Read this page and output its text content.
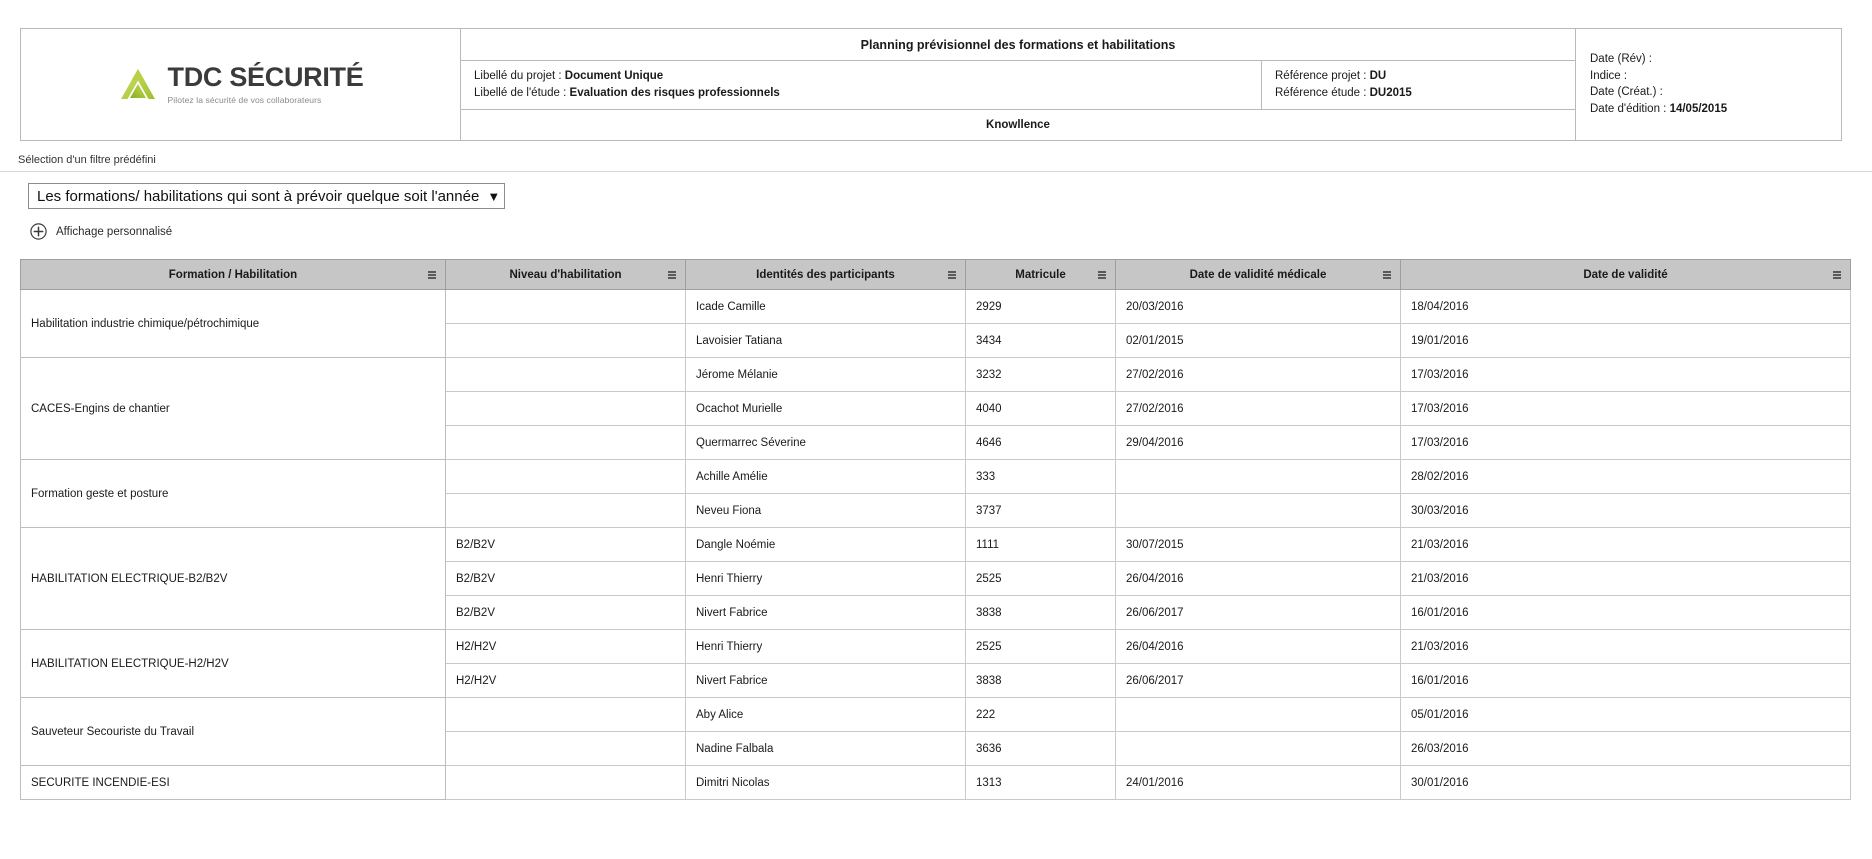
TDC SÉCURITÉ
Pilotez la sécurité de vos collaborateurs
Planning prévisionnel des formations et habilitations
Libellé du projet : Document Unique
Libellé de l'étude : Evaluation des risques professionnels
Référence projet : DU
Référence étude : DU2015
Knowllence
Date (Rév) :
Indice :
Date (Créat.) :
Date d'édition : 14/05/2015
Sélection d'un filtre prédéfini
Les formations/ habilitations qui sont à prévoir quelque soit l'année ▼
Affichage personnalisé
Formation / Habilitation	Niveau d'habilitation	Identités des participants	Matricule	Date de validité médicale	Date de validité

Habilitation industrie chimique/pétrochimique		Icade Camille	2929	20/03/2016	18/04/2016
		Lavoisier Tatiana	3434	02/01/2015	19/01/2016
CACES-Engins de chantier		Jérome Mélanie	3232	27/02/2016	17/03/2016
		Ocachot Murielle	4040	27/02/2016	17/03/2016
		Quermarrec Séverine	4646	29/04/2016	17/03/2016
Formation geste et posture		Achille Amélie	333		28/02/2016
		Neveu Fiona	3737		30/03/2016
HABILITATION ELECTRIQUE-B2/B2V	B2/B2V	Dangle Noémie	1111	30/07/2015	21/03/2016
	B2/B2V	Henri Thierry	2525	26/04/2016	21/03/2016
	B2/B2V	Nivert Fabrice	3838	26/06/2017	16/01/2016
HABILITATION ELECTRIQUE-H2/H2V	H2/H2V	Henri Thierry	2525	26/04/2016	21/03/2016
	H2/H2V	Nivert Fabrice	3838	26/06/2017	16/01/2016
Sauveteur Secouriste du Travail		Aby Alice	222		05/01/2016
		Nadine Falbala	3636		26/03/2016
SECURITE INCENDIE-ESI		Dimitri Nicolas	1313	24/01/2016	30/01/2016
